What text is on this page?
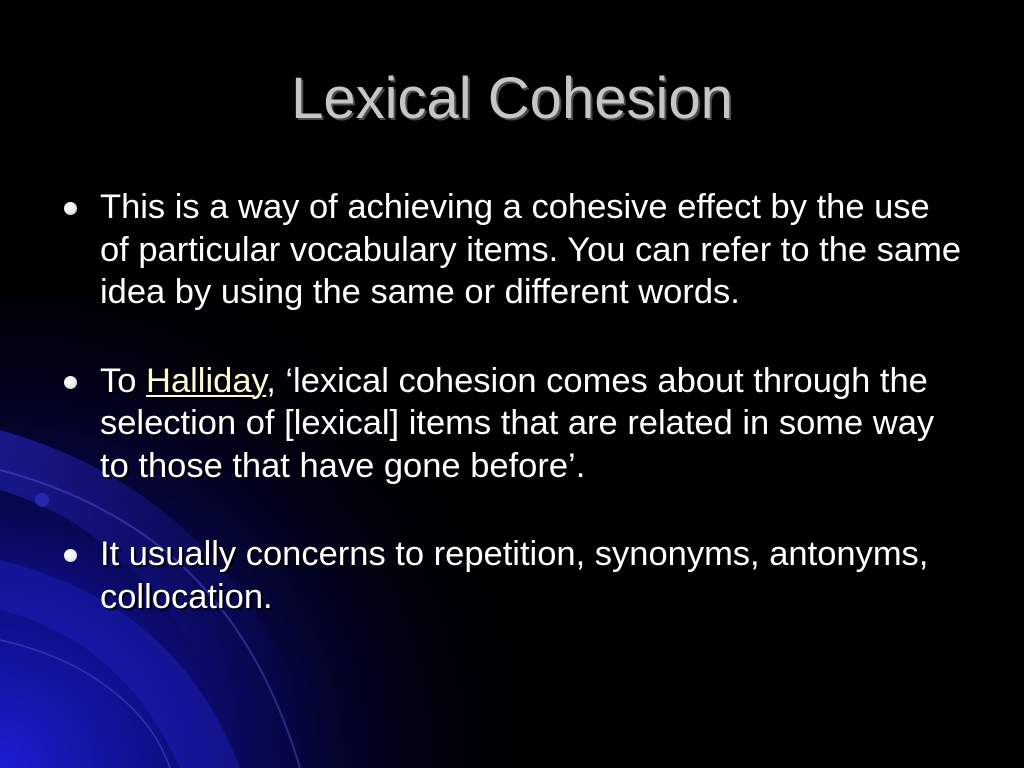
Lexical Cohesion
This is a way of achieving a cohesive effect by the use of particular vocabulary items. You can refer to the same idea by using the same or different words.
To Halliday, ‘lexical cohesion comes about through the selection of [lexical] items that are related in some way to those that have gone before’.
It usually concerns to repetition, synonyms, antonyms, collocation.
